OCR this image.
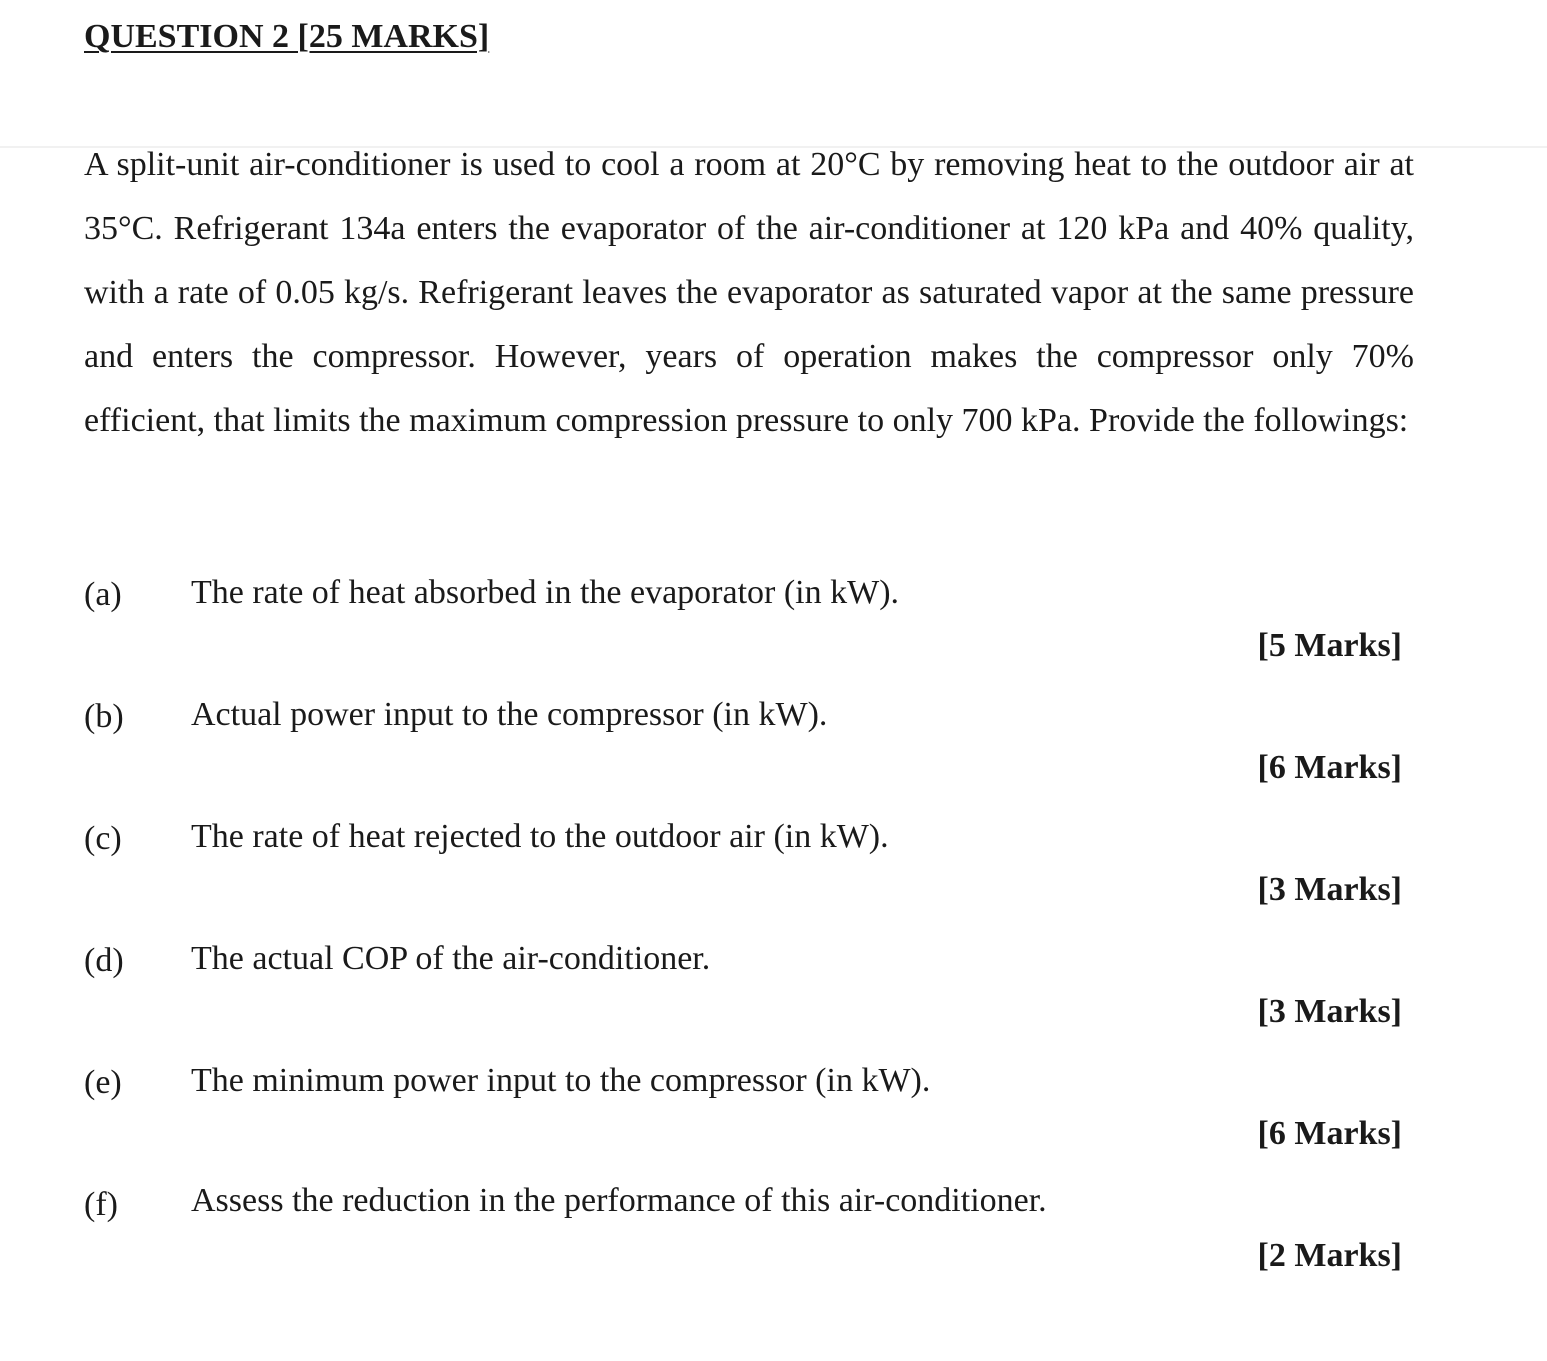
QUESTION 2 [25 MARKS]

A split-unit air-conditioner is used to cool a room at 20°C by removing heat to the outdoor air at 35°C. Refrigerant 134a enters the evaporator of the air-conditioner at 120 kPa and 40% quality, with a rate of 0.05 kg/s. Refrigerant leaves the evaporator as saturated vapor at the same pressure and enters the compressor. However, years of operation makes the compressor only 70% efficient, that limits the maximum compression pressure to only 700 kPa. Provide the followings:

(a) The rate of heat absorbed in the evaporator (in kW).
[5 Marks]
(b) Actual power input to the compressor (in kW).
[6 Marks]
(c) The rate of heat rejected to the outdoor air (in kW).
[3 Marks]
(d) The actual COP of the air-conditioner.
[3 Marks]
(e) The minimum power input to the compressor (in kW).
[6 Marks]
(f) Assess the reduction in the performance of this air-conditioner.
[2 Marks]
